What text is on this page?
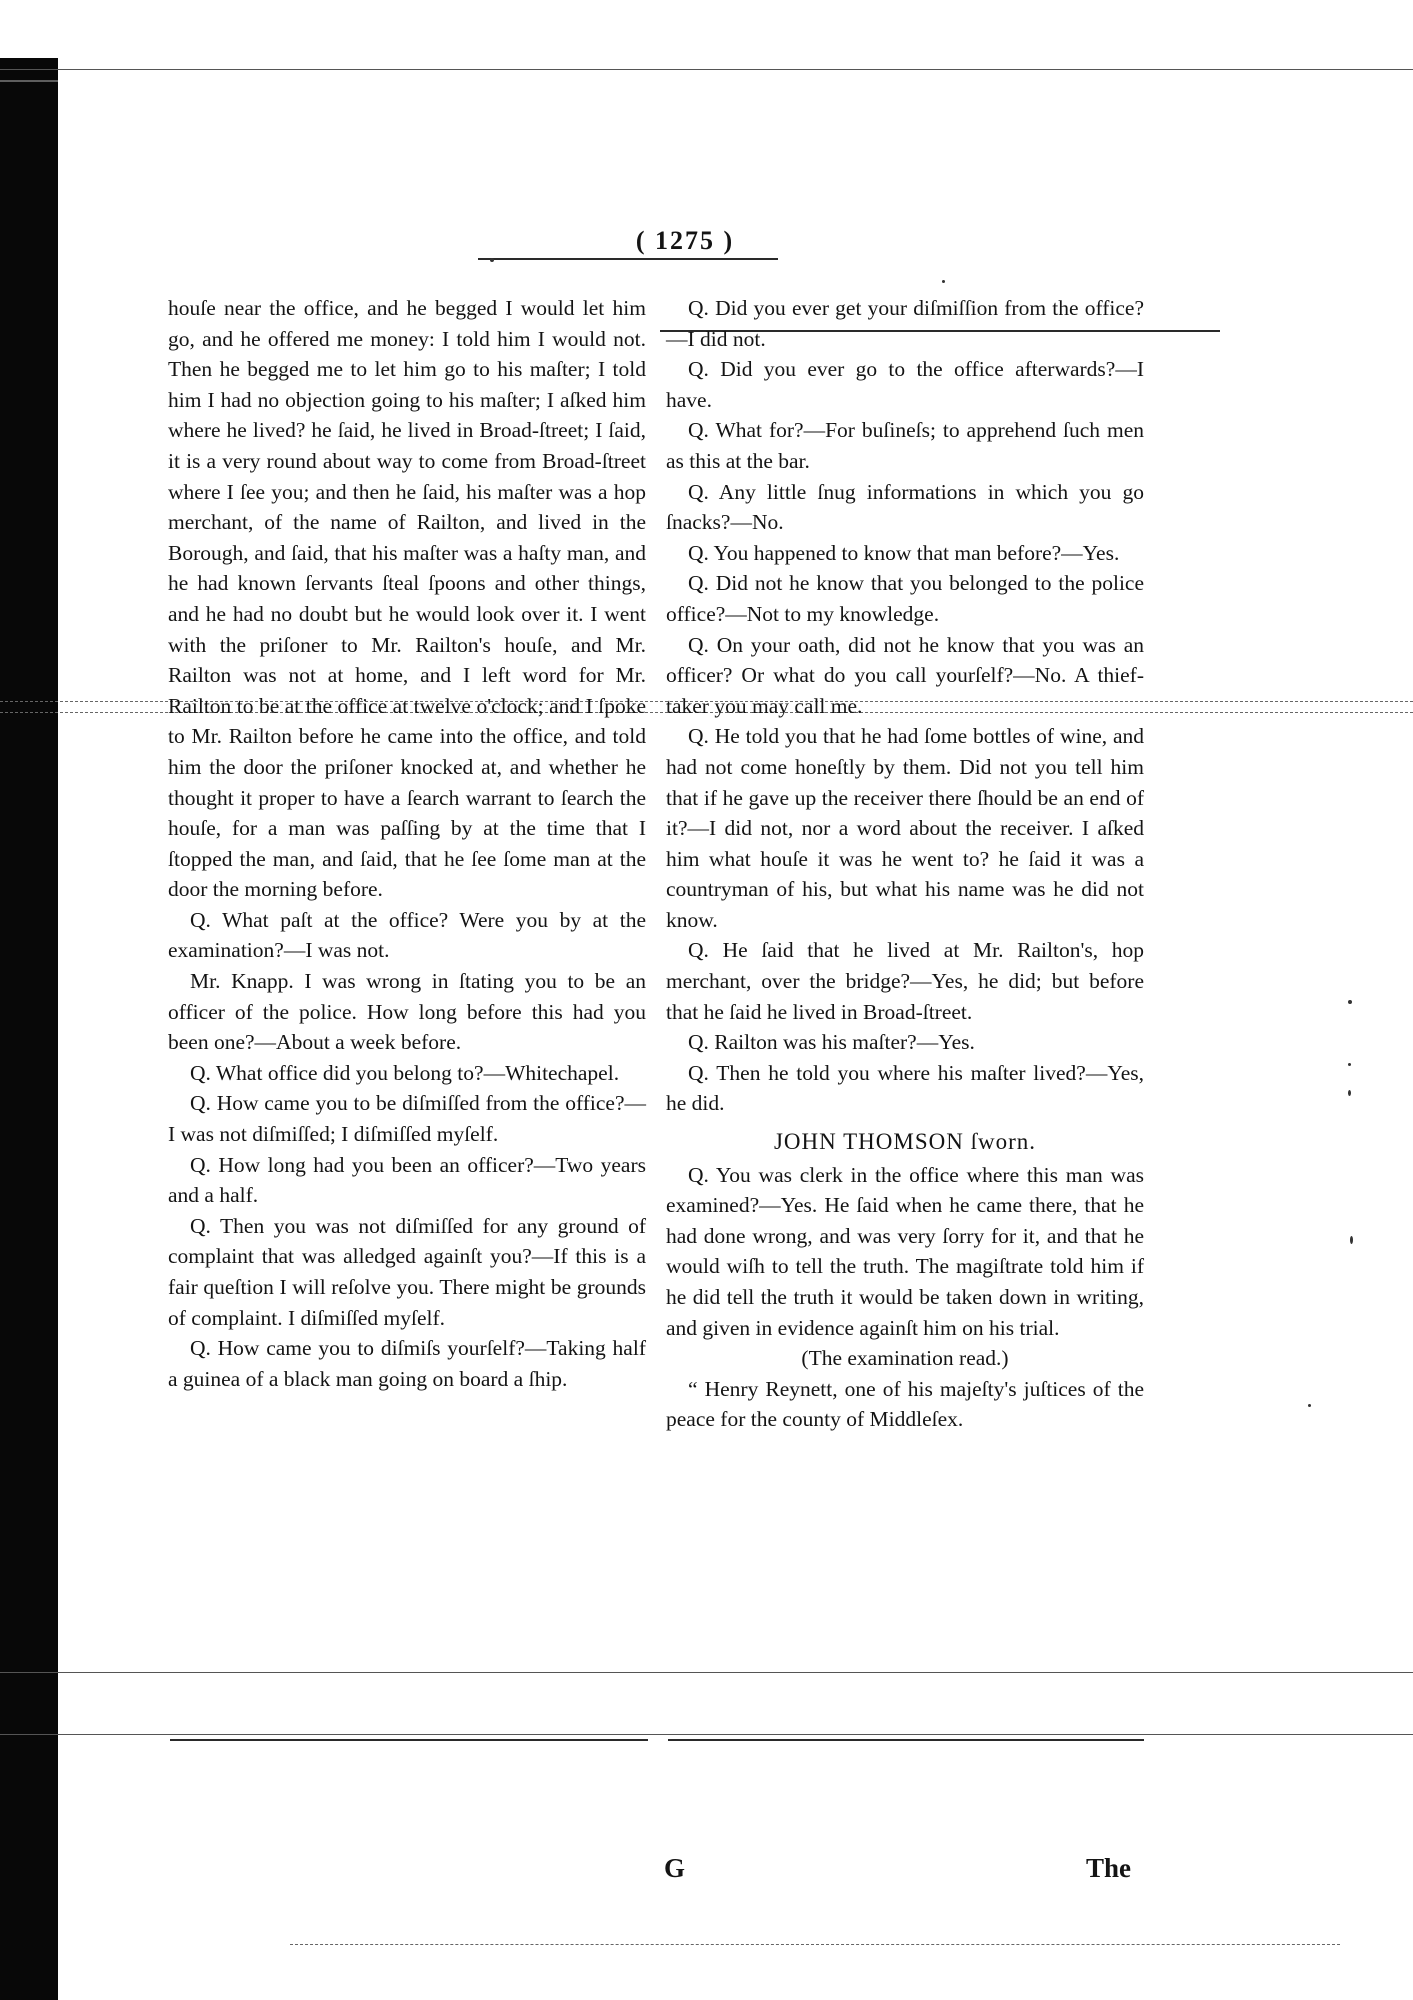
( 1275 )

houſe near the office, and he begged I would let him go, and he offered me money: I told him I would not. Then he begged me to let him go to his maſter; I told him I had no objection going to his maſter; I aſked him where he lived? he ſaid, he lived in Broad-ſtreet; I ſaid, it is a very round about way to come from Broad-ſtreet where I ſee you; and then he ſaid, his maſter was a hop merchant, of the name of Railton, and lived in the Borough, and ſaid, that his maſter was a haſty man, and he had known ſervants ſteal ſpoons and other things, and he had no doubt but he would look over it. I went with the priſoner to Mr. Railton's houſe, and Mr. Railton was not at home, and I left word for Mr. Railton to be at the office at twelve o'clock; and I ſpoke to Mr. Railton before he came into the office, and told him the door the priſoner knocked at, and whether he thought it proper to have a ſearch warrant to ſearch the houſe, for a man was paſſing by at the time that I ſtopped the man, and ſaid, that he ſee ſome man at the door the morning before.

Q. What paſt at the office? Were you by at the examination?—I was not.

Mr. Knapp. I was wrong in ſtating you to be an officer of the police. How long before this had you been one?—About a week before.

Q. What office did you belong to?—Whitechapel.

Q. How came you to be diſmiſſed from the office?—I was not diſmiſſed; I diſmiſſed myſelf.

Q. How long had you been an officer?—Two years and a half.

Q. Then you was not diſmiſſed for any ground of complaint that was alledged againſt you?—If this is a fair queſtion I will reſolve you. There might be grounds of complaint. I diſmiſſed myſelf.

Q. How came you to diſmiſs yourſelf?—Taking half a guinea of a black man going on board a ſhip.

Q. Did you ever get your diſmiſſion from the office?—I did not.

Q. Did you ever go to the office afterwards?—I have.

Q. What for?—For buſineſs; to apprehend ſuch men as this at the bar.

Q. Any little ſnug informations in which you go ſnacks?—No.

Q. You happened to know that man before?—Yes.

Q. Did not he know that you belonged to the police office?—Not to my knowledge.

Q. On your oath, did not he know that you was an officer? Or what do you call yourſelf?—No. A thief-taker you may call me.

Q. He told you that he had ſome bottles of wine, and had not come honeſtly by them. Did not you tell him that if he gave up the receiver there ſhould be an end of it?—I did not, nor a word about the receiver. I aſked him what houſe it was he went to? he ſaid it was a countryman of his, but what his name was he did not know.

Q. He ſaid that he lived at Mr. Railton's, hop merchant, over the bridge?—Yes, he did; but before that he ſaid he lived in Broad-ſtreet.

Q. Railton was his maſter?—Yes.

Q. Then he told you where his maſter lived?—Yes, he did.

JOHN THOMSON ſworn.

Q. You was clerk in the office where this man was examined?—Yes. He ſaid when he came there, that he had done wrong, and was very ſorry for it, and that he would wiſh to tell the truth. The magiſtrate told him if he did tell the truth it would be taken down in writing, and given in evidence againſt him on his trial.

(The examination read.)

“ Henry Reynett, one of his majeſty's juſtices of the peace for the county of Middleſex.

G	The
